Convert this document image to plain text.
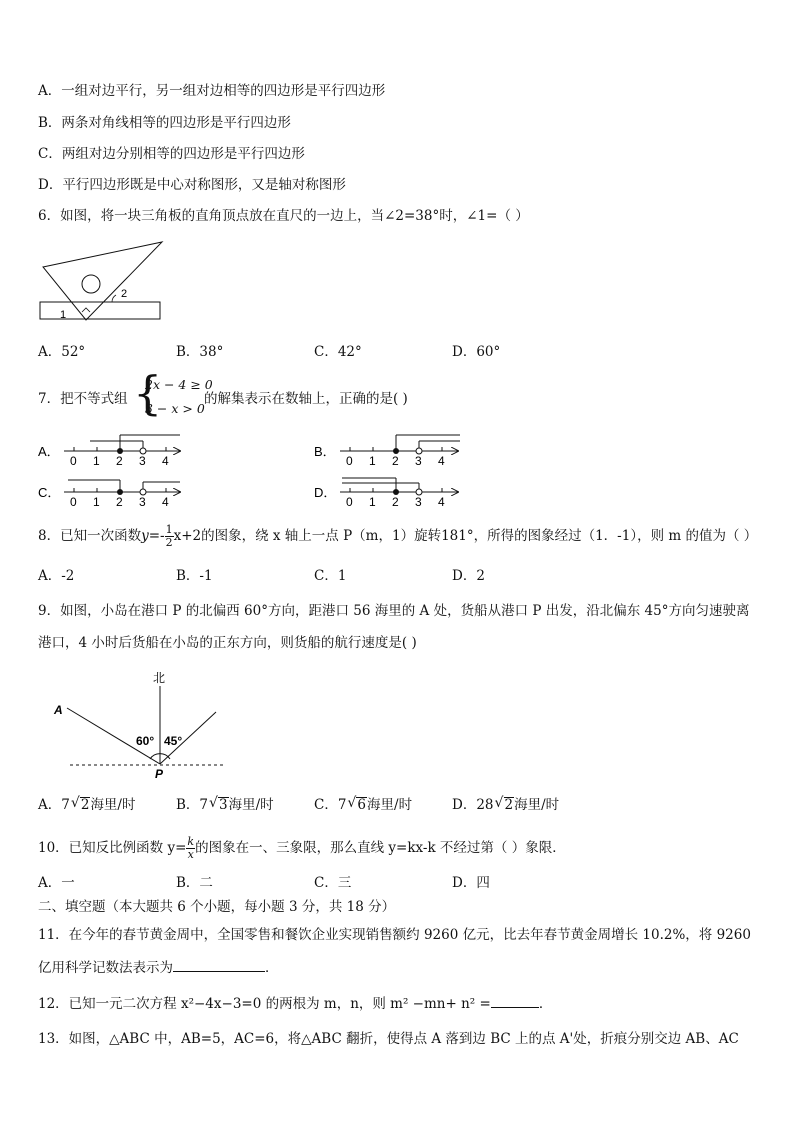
A．一组对边平行，另一组对边相等的四边形是平行四边形
B．两条对角线相等的四边形是平行四边形
C．两组对边分别相等的四边形是平行四边形
D．平行四边形既是中心对称图形，又是轴对称图形
6．如图，将一块三角板的直角顶点放在直尺的一边上，当∠2=38°时，∠1=（ ）
1
2
A．52°	B．38°	C．42°	D．60°
7．把不等式组 {
2x − 4 ≥ 0
3 − x > 0
的解集表示在数轴上，正确的是( )
A．
0 1 2 3 4
B．
0 1 2 3 4
C．
0 1 2 3 4
D．
0 1 2 3 4
8．已知一次函数$y=- \frac{1}{2} x+2$的图象，绕 x 轴上一点 P（m，1）旋转181°，所得的图象经过（1．-1），则 m 的值为（ ）
A．-2	B．-1	C．1	D．2
9．如图，小岛在港口 P 的北偏西 60°方向，距港口 56 海里的 A 处，货船从港口 P 出发，沿北偏东 45°方向匀速驶离
港口，4 小时后货船在小岛的正东方向，则货船的航行速度是( )
北
A
P
60° 45°
A．7 √ 2海里/时	B．7 √ 3海里/时	C．7 √ 6海里/时	D．28 √ 2海里/时
10．已知反比例函数 $y= \frac{k}{x}$ 的图象在一、三象限，那么直线 y=kx-k 不经过第（ ）象限．
A．一	B．二	C．三	D．四
二、填空题（本大题共 6 个小题，每小题 3 分，共 18 分）
11．在今年的春节黄金周中，全国零售和餐饮企业实现销售额约 9260 亿元，比去年春节黄金周增长 10.2%，将 9260
亿用科学记数法表示为	．
12．已知一元二次方程 x²−4x−3=0 的两根为 m，n，则 m² −mn+ n² =	．
13．如图，△ABC 中，AB=5，AC=6，将△ABC 翻折，使得点 A 落到边 BC 上的点 A'处，折痕分别交边 AB、AC
